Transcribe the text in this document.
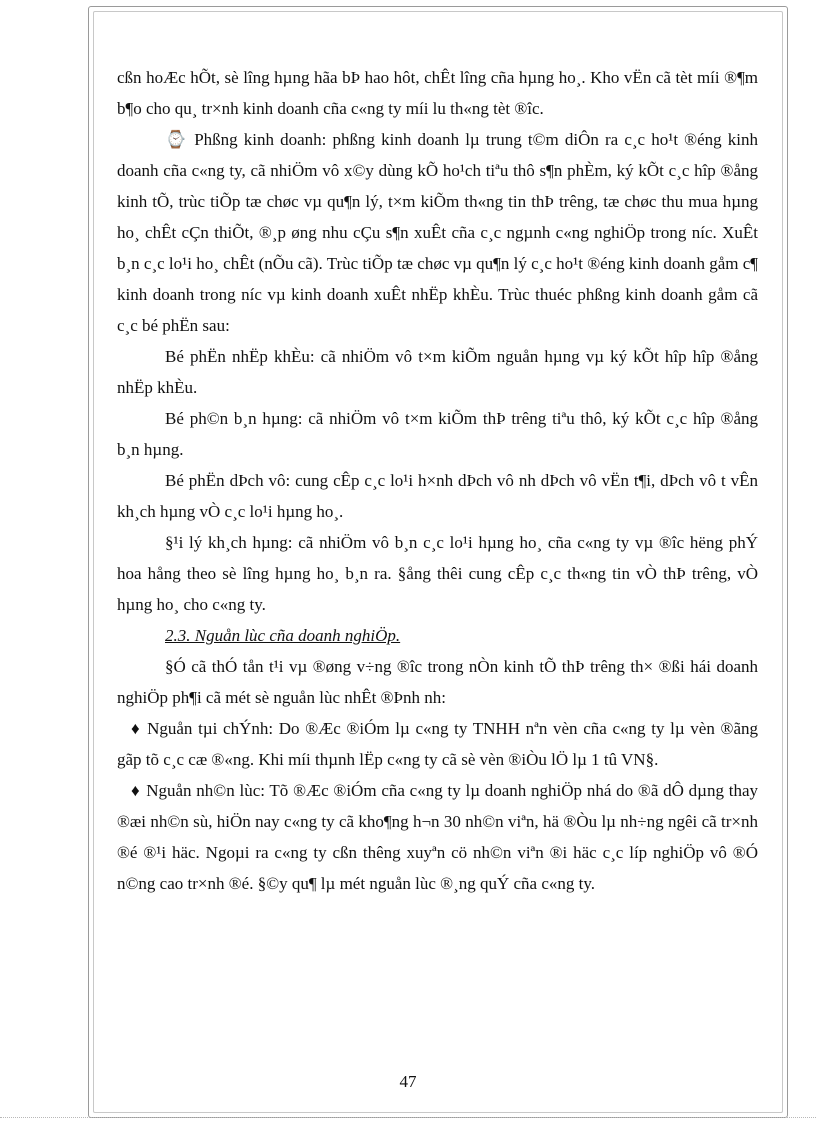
cßn hoÆc hÕt, sè lîng hµng hãa bÞ hao hôt, chÊt lîng cña hµng ho¸. Kho vËn cã tèt míi ®¶m b¶o cho qu¸ tr×nh kinh doanh cña c«ng ty míi lu th«ng tèt ®îc.

⌚ Phßng kinh doanh: phßng kinh doanh lµ trung t©m diÔn ra c¸c ho¹t ®éng kinh doanh cña c«ng ty, cã nhiÖm vô x©y dùng kÕ ho¹ch tiªu thô s¶n phÈm, ký kÕt c¸c hîp ®ång kinh tÕ, trùc tiÕp tæ chøc vµ qu¶n lý, t×m kiÕm th«ng tin thÞ trêng, tæ chøc thu mua hµng ho¸ chÊt cÇn thiÕt, ®¸p øng nhu cÇu s¶n xuÊt cña c¸c ngµnh c«ng nghiÖp trong níc. XuÊt b¸n c¸c lo¹i ho¸ chÊt (nÕu cã). Trùc tiÕp tæ chøc vµ qu¶n lý c¸c ho¹t ®éng kinh doanh gåm c¶ kinh doanh trong níc vµ kinh doanh xuÊt nhËp khÈu. Trùc thuéc phßng kinh doanh gåm cã c¸c bé phËn sau:

Bé phËn nhËp khÈu: cã nhiÖm vô t×m kiÕm nguån hµng vµ ký kÕt hîp hîp ®ång nhËp khÈu.

Bé ph©n b¸n hµng: cã nhiÖm vô t×m kiÕm thÞ trêng tiªu thô, ký kÕt c¸c hîp ®ång b¸n hµng.

Bé phËn dÞch vô: cung cÊp c¸c lo¹i h×nh dÞch vô nh dÞch vô vËn t¶i, dÞch vô t vÊn kh¸ch hµng vÒ c¸c lo¹i hµng ho¸.

§¹i lý kh¸ch hµng: cã nhiÖm vô b¸n c¸c lo¹i hµng ho¸ cña c«ng ty vµ ®îc hëng phÝ hoa hång theo sè lîng hµng ho¸ b¸n ra. §ång thêi cung cÊp c¸c th«ng tin vÒ thÞ trêng, vÒ hµng ho¸ cho c«ng ty.

2.3. Nguån lùc cña doanh nghiÖp.

§Ó cã thÓ tån t¹i vµ ®øng v÷ng ®îc trong nÒn kinh tÕ thÞ trêng th× ®ßi hái doanh nghiÖp ph¶i cã mét sè nguån lùc nhÊt ®Þnh nh:

♦ Nguån tµi chÝnh: Do ®Æc ®iÓm lµ c«ng ty TNHH nªn vèn cña c«ng ty lµ vèn ®ãng gãp tõ c¸c cæ ®«ng. Khi míi thµnh lËp c«ng ty cã sè vèn ®iÒu lÖ lµ 1 tû VN§.

♦ Nguån nh©n lùc: Tõ ®Æc ®iÓm cña c«ng ty lµ doanh nghiÖp nhá do ®ã dÔ dµng thay ®æi nh©n sù, hiÖn nay c«ng ty cã kho¶ng h¬n 30 nh©n viªn, hä ®Òu lµ nh÷ng ngêi cã tr×nh ®é ®¹i häc. Ngoµi ra c«ng ty cßn thêng xuyªn cö nh©n viªn ®i häc c¸c líp nghiÖp vô ®Ó n©ng cao tr×nh ®é. §©y qu¶ lµ mét nguån lùc ®¸ng quÝ cña c«ng ty.

47
